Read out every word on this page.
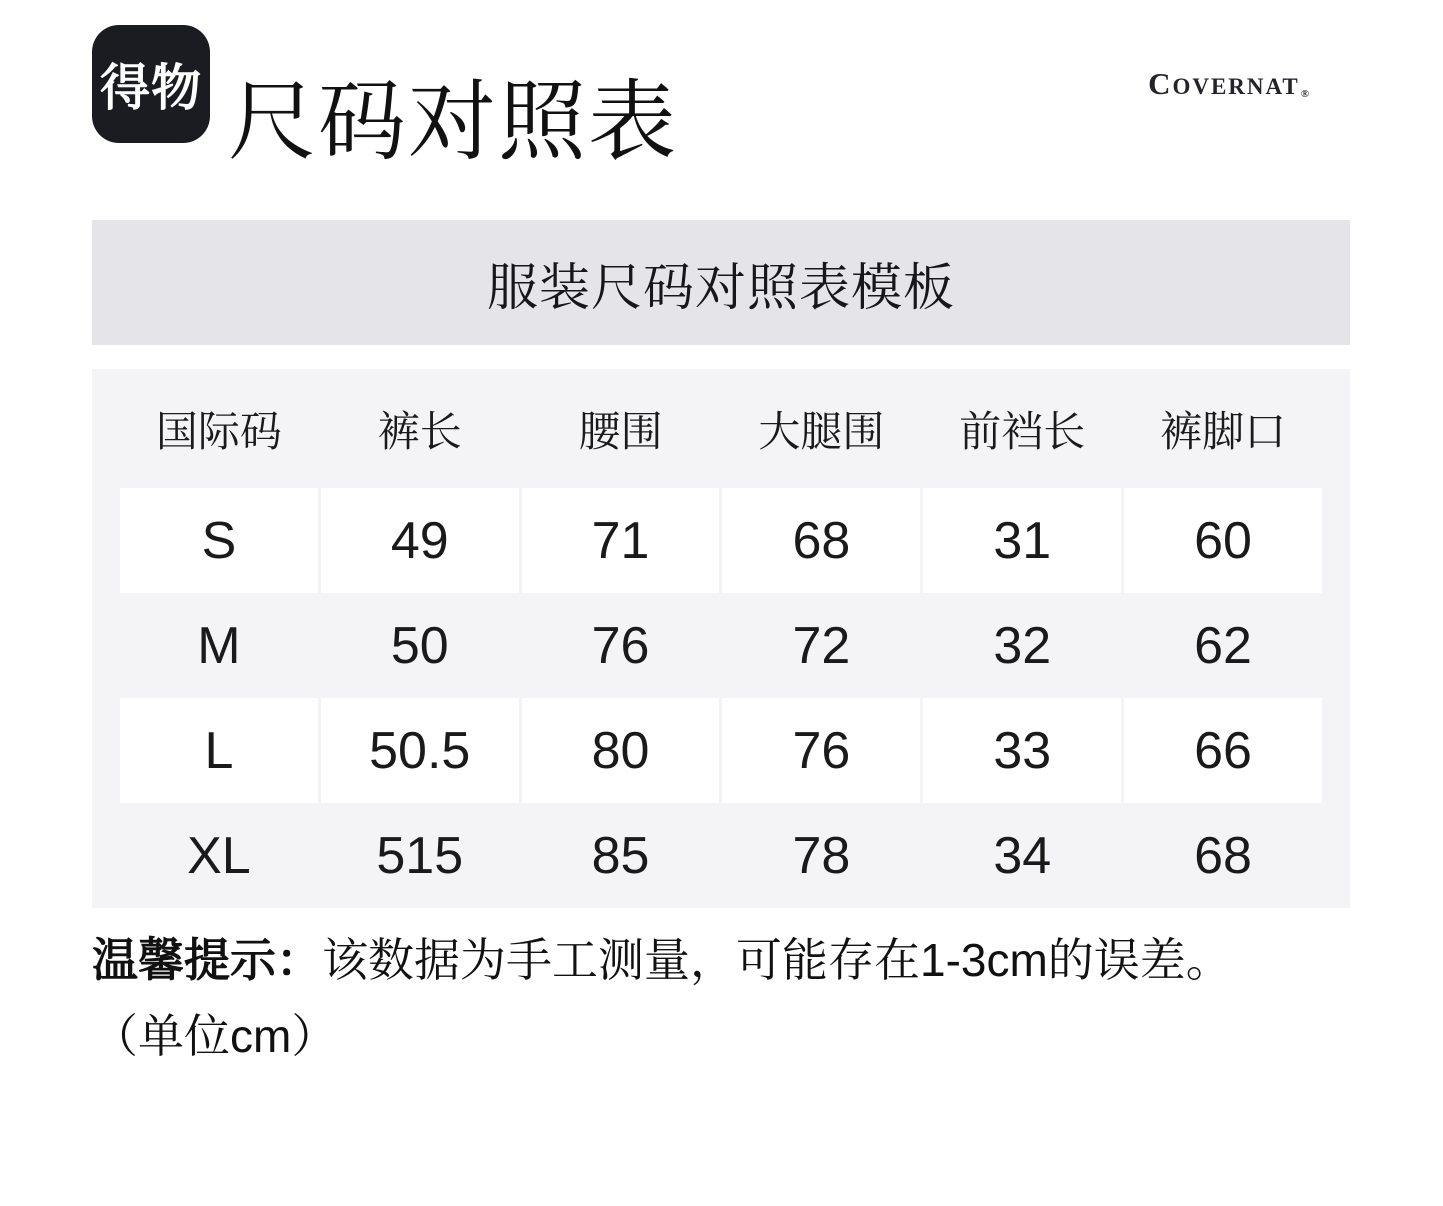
得物 尺码对照表	C OVERNAT ®
服装尺码对照表模板
国际码	裤长	腰围	大腿围	前裆长	裤脚口
S	49	71	68	31	60
M	50	76	72	32	62
L	50.5	80	76	33	66
XL	515	85	78	34	68
温馨提示：该数据为手工测量，可能存在1-3cm的误差。
（单位cm）
